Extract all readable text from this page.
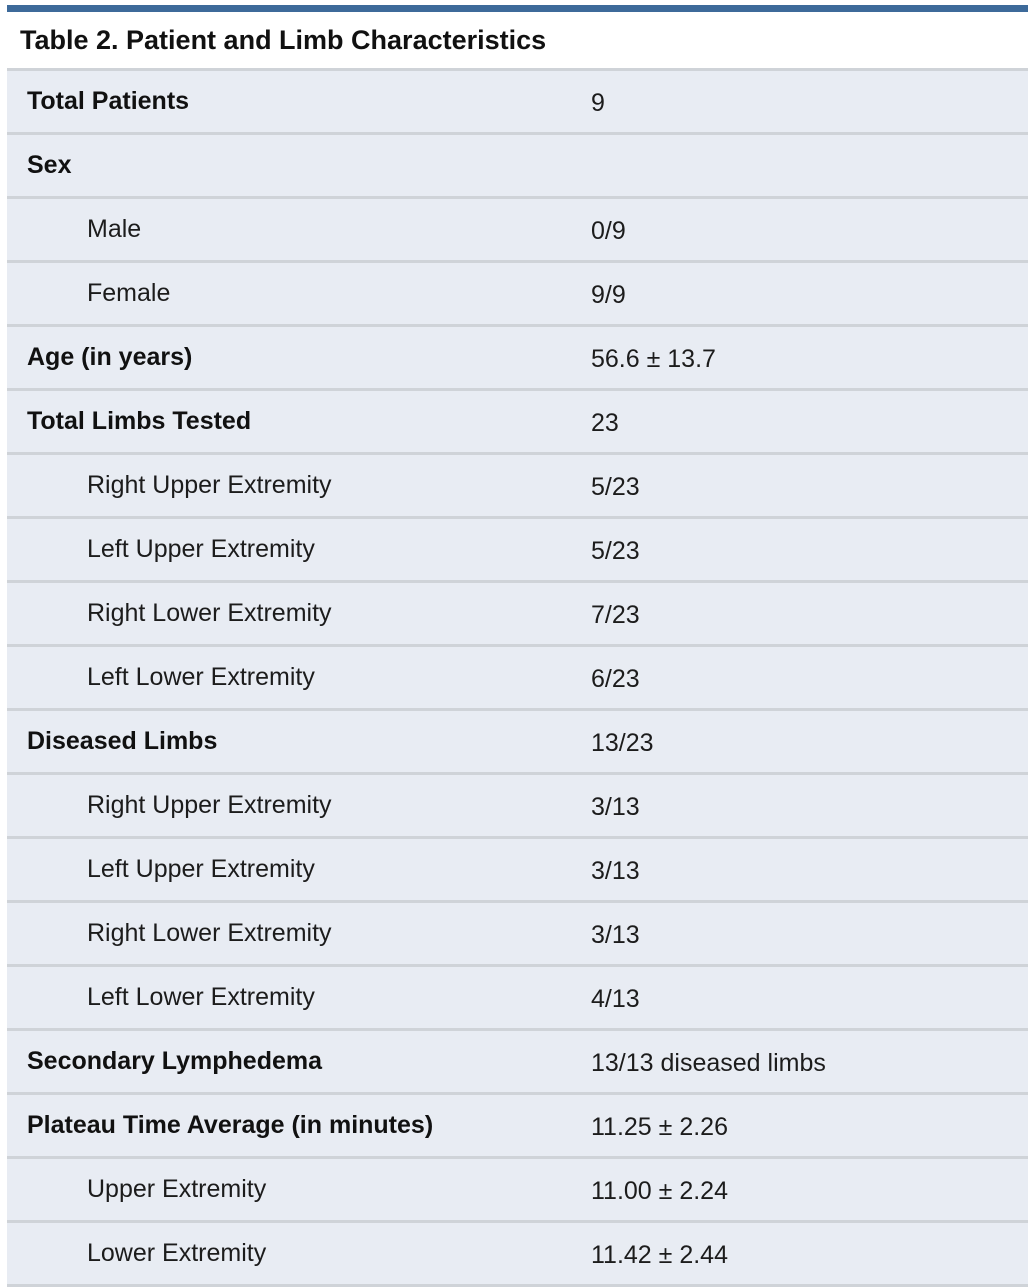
Table 2. Patient and Limb Characteristics
Total Patients	9
Sex
Male	0/9
Female	9/9
Age (in years)	56.6 ± 13.7
Total Limbs Tested	23
Right Upper Extremity	5/23
Left Upper Extremity	5/23
Right Lower Extremity	7/23
Left Lower Extremity	6/23
Diseased Limbs	13/23
Right Upper Extremity	3/13
Left Upper Extremity	3/13
Right Lower Extremity	3/13
Left Lower Extremity	4/13
Secondary Lymphedema	13/13 diseased limbs
Plateau Time Average (in minutes)	11.25 ± 2.26
Upper Extremity	11.00 ± 2.24
Lower Extremity	11.42 ± 2.44
